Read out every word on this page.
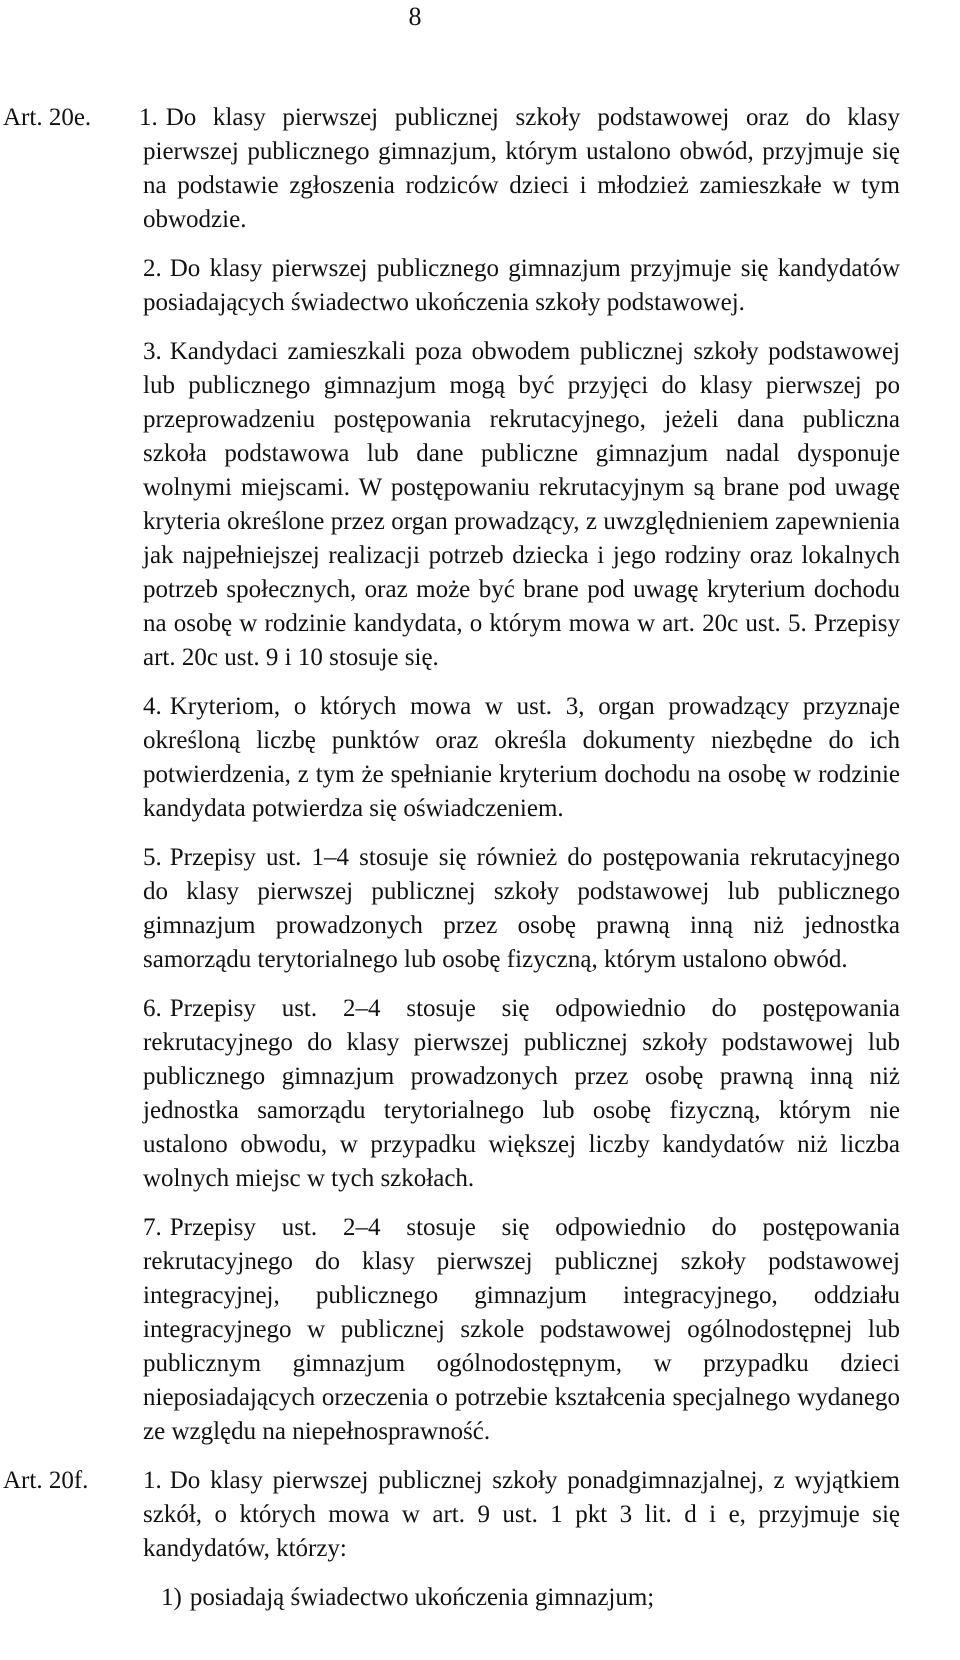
8
Art. 20e. 1. Do klasy pierwszej publicznej szkoły podstawowej oraz do klasy pierwszej publicznego gimnazjum, którym ustalono obwód, przyjmuje się na podstawie zgłoszenia rodziców dzieci i młodzież zamieszkałe w tym obwodzie.
2. Do klasy pierwszej publicznego gimnazjum przyjmuje się kandydatów posiadających świadectwo ukończenia szkoły podstawowej.
3. Kandydaci zamieszkali poza obwodem publicznej szkoły podstawowej lub publicznego gimnazjum mogą być przyjęci do klasy pierwszej po przeprowadzeniu postępowania rekrutacyjnego, jeżeli dana publiczna szkoła podstawowa lub dane publiczne gimnazjum nadal dysponuje wolnymi miejscami. W postępowaniu rekrutacyjnym są brane pod uwagę kryteria określone przez organ prowadzący, z uwzględnieniem zapewnienia jak najpełniejszej realizacji potrzeb dziecka i jego rodziny oraz lokalnych potrzeb społecznych, oraz może być brane pod uwagę kryterium dochodu na osobę w rodzinie kandydata, o którym mowa w art. 20c ust. 5. Przepisy art. 20c ust. 9 i 10 stosuje się.
4. Kryteriom, o których mowa w ust. 3, organ prowadzący przyznaje określoną liczbę punktów oraz określa dokumenty niezbędne do ich potwierdzenia, z tym że spełnianie kryterium dochodu na osobę w rodzinie kandydata potwierdza się oświadczeniem.
5. Przepisy ust. 1–4 stosuje się również do postępowania rekrutacyjnego do klasy pierwszej publicznej szkoły podstawowej lub publicznego gimnazjum prowadzonych przez osobę prawną inną niż jednostka samorządu terytorialnego lub osobę fizyczną, którym ustalono obwód.
6. Przepisy ust. 2–4 stosuje się odpowiednio do postępowania rekrutacyjnego do klasy pierwszej publicznej szkoły podstawowej lub publicznego gimnazjum prowadzonych przez osobę prawną inną niż jednostka samorządu terytorialnego lub osobę fizyczną, którym nie ustalono obwodu, w przypadku większej liczby kandydatów niż liczba wolnych miejsc w tych szkołach.
7. Przepisy ust. 2–4 stosuje się odpowiednio do postępowania rekrutacyjnego do klasy pierwszej publicznej szkoły podstawowej integracyjnej, publicznego gimnazjum integracyjnego, oddziału integracyjnego w publicznej szkole podstawowej ogólnodostępnej lub publicznym gimnazjum ogólnodostępnym, w przypadku dzieci nieposiadających orzeczenia o potrzebie kształcenia specjalnego wydanego ze względu na niepełnosprawność.
Art. 20f. 1. Do klasy pierwszej publicznej szkoły ponadgimnazjalnej, z wyjątkiem szkół, o których mowa w art. 9 ust. 1 pkt 3 lit. d i e, przyjmuje się kandydatów, którzy:
1) posiadają świadectwo ukończenia gimnazjum;
